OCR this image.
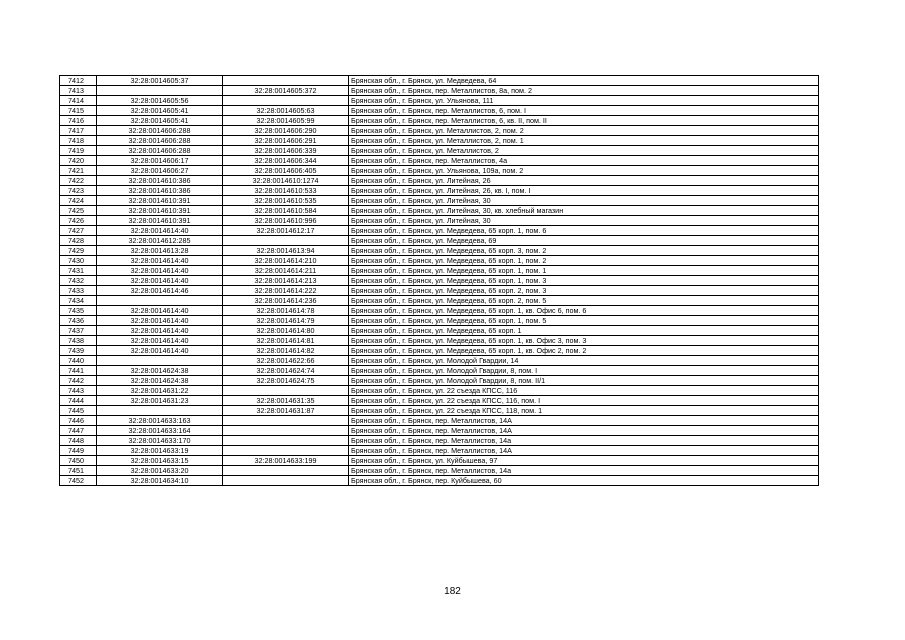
7412	32:28:0014605:37		Брянская обл., г. Брянск, ул. Медведева, 64
7413		32:28:0014605:372	Брянская обл., г. Брянск, пер. Металлистов, 8а, пом. 2
7414	32:28:0014605:56		Брянская обл., г. Брянск, ул. Ульянова, 111
7415	32:28:0014605:41	32:28:0014605:63	Брянская обл., г. Брянск, пер. Металлистов, 6, пом. I
7416	32:28:0014605:41	32:28:0014605:99	Брянская обл., г. Брянск, пер. Металлистов, 6, кв. II, пом. II
7417	32:28:0014606:288	32:28:0014606:290	Брянская обл., г. Брянск, ул. Металлистов, 2, пом. 2
7418	32:28:0014606:288	32:28:0014606:291	Брянская обл., г. Брянск, ул. Металлистов, 2, пом. 1
7419	32:28:0014606:288	32:28:0014606:339	Брянская обл., г. Брянск, ул. Металлистов, 2
7420	32:28:0014606:17	32:28:0014606:344	Брянская обл., г. Брянск, пер. Металлистов, 4а
7421	32:28:0014606:27	32:28:0014606:405	Брянская обл., г. Брянск, ул. Ульянова, 109а, пом. 2
7422	32:28:0014610:386	32:28:0014610:1274	Брянская обл., г. Брянск, ул. Литейная, 26
7423	32:28:0014610:386	32:28:0014610:533	Брянская обл., г. Брянск, ул. Литейная, 26, кв. I, пом. I
7424	32:28:0014610:391	32:28:0014610:535	Брянская обл., г. Брянск, ул. Литейная, 30
7425	32:28:0014610:391	32:28:0014610:584	Брянская обл., г. Брянск, ул. Литейная, 30, кв. хлебный магазин
7426	32:28:0014610:391	32:28:0014610:996	Брянская обл., г. Брянск, ул. Литейная, 30
7427	32:28:0014614:40	32:28:0014612:17	Брянская обл., г. Брянск, ул. Медведева, 65 корп. 1, пом. 6
7428	32:28:0014612:285		Брянская обл., г. Брянск, ул. Медведева, 69
7429	32:28:0014613:28	32:28:0014613:94	Брянская обл., г. Брянск, ул. Медведева, 65 корп. 3, пом. 2
7430	32:28:0014614:40	32:28:0014614:210	Брянская обл., г. Брянск, ул. Медведева, 65 корп. 1, пом. 2
7431	32:28:0014614:40	32:28:0014614:211	Брянская обл., г. Брянск, ул. Медведева, 65 корп. 1, пом. 1
7432	32:28:0014614:40	32:28:0014614:213	Брянская обл., г. Брянск, ул. Медведева, 65 корп. 1, пом. 3
7433	32:28:0014614:46	32:28:0014614:222	Брянская обл., г. Брянск, ул. Медведева, 65 корп. 2, пом. 3
7434		32:28:0014614:236	Брянская обл., г. Брянск, ул. Медведева, 65 корп. 2, пом. 5
7435	32:28:0014614:40	32:28:0014614:78	Брянская обл., г. Брянск, ул. Медведева, 65 корп. 1, кв. Офис 6, пом. 6
7436	32:28:0014614:40	32:28:0014614:79	Брянская обл., г. Брянск, ул. Медведева, 65 корп. 1, пом. 5
7437	32:28:0014614:40	32:28:0014614:80	Брянская обл., г. Брянск, ул. Медведева, 65 корп. 1
7438	32:28:0014614:40	32:28:0014614:81	Брянская обл., г. Брянск, ул. Медведева, 65 корп. 1, кв. Офис 3, пом. 3
7439	32:28:0014614:40	32:28:0014614:82	Брянская обл., г. Брянск, ул. Медведева, 65 корп. 1, кв. Офис 2, пом. 2
7440		32:28:0014622:66	Брянская обл., г. Брянск, ул. Молодой Гвардии, 14
7441	32:28:0014624:38	32:28:0014624:74	Брянская обл., г. Брянск, ул. Молодой Гвардии, 8, пом. I
7442	32:28:0014624:38	32:28:0014624:75	Брянская обл., г. Брянск, ул. Молодой Гвардии, 8, пом. II/1
7443	32:28:0014631:22		Брянская обл., г. Брянск, ул. 22 съезда КПСС, 116
7444	32:28:0014631:23	32:28:0014631:35	Брянская обл., г. Брянск, ул. 22 съезда КПСС, 116, пом. I
7445		32:28:0014631:87	Брянская обл., г. Брянск, ул. 22 съезда КПСС, 118, пом. 1
7446	32:28:0014633:163		Брянская обл., г. Брянск, пер. Металлистов, 14А
7447	32:28:0014633:164		Брянская обл., г. Брянск, пер. Металлистов, 14А
7448	32:28:0014633:170		Брянская обл., г. Брянск, пер. Металлистов, 14а
7449	32:28:0014633:19		Брянская обл., г. Брянск, пер. Металлистов, 14А
7450	32:28:0014633:15	32:28:0014633:199	Брянская обл., г. Брянск, ул. Куйбышева, 97
7451	32:28:0014633:20		Брянская обл., г. Брянск, пер. Металлистов, 14а
7452	32:28:0014634:10		Брянская обл., г. Брянск, пер. Куйбышева, 60
182
